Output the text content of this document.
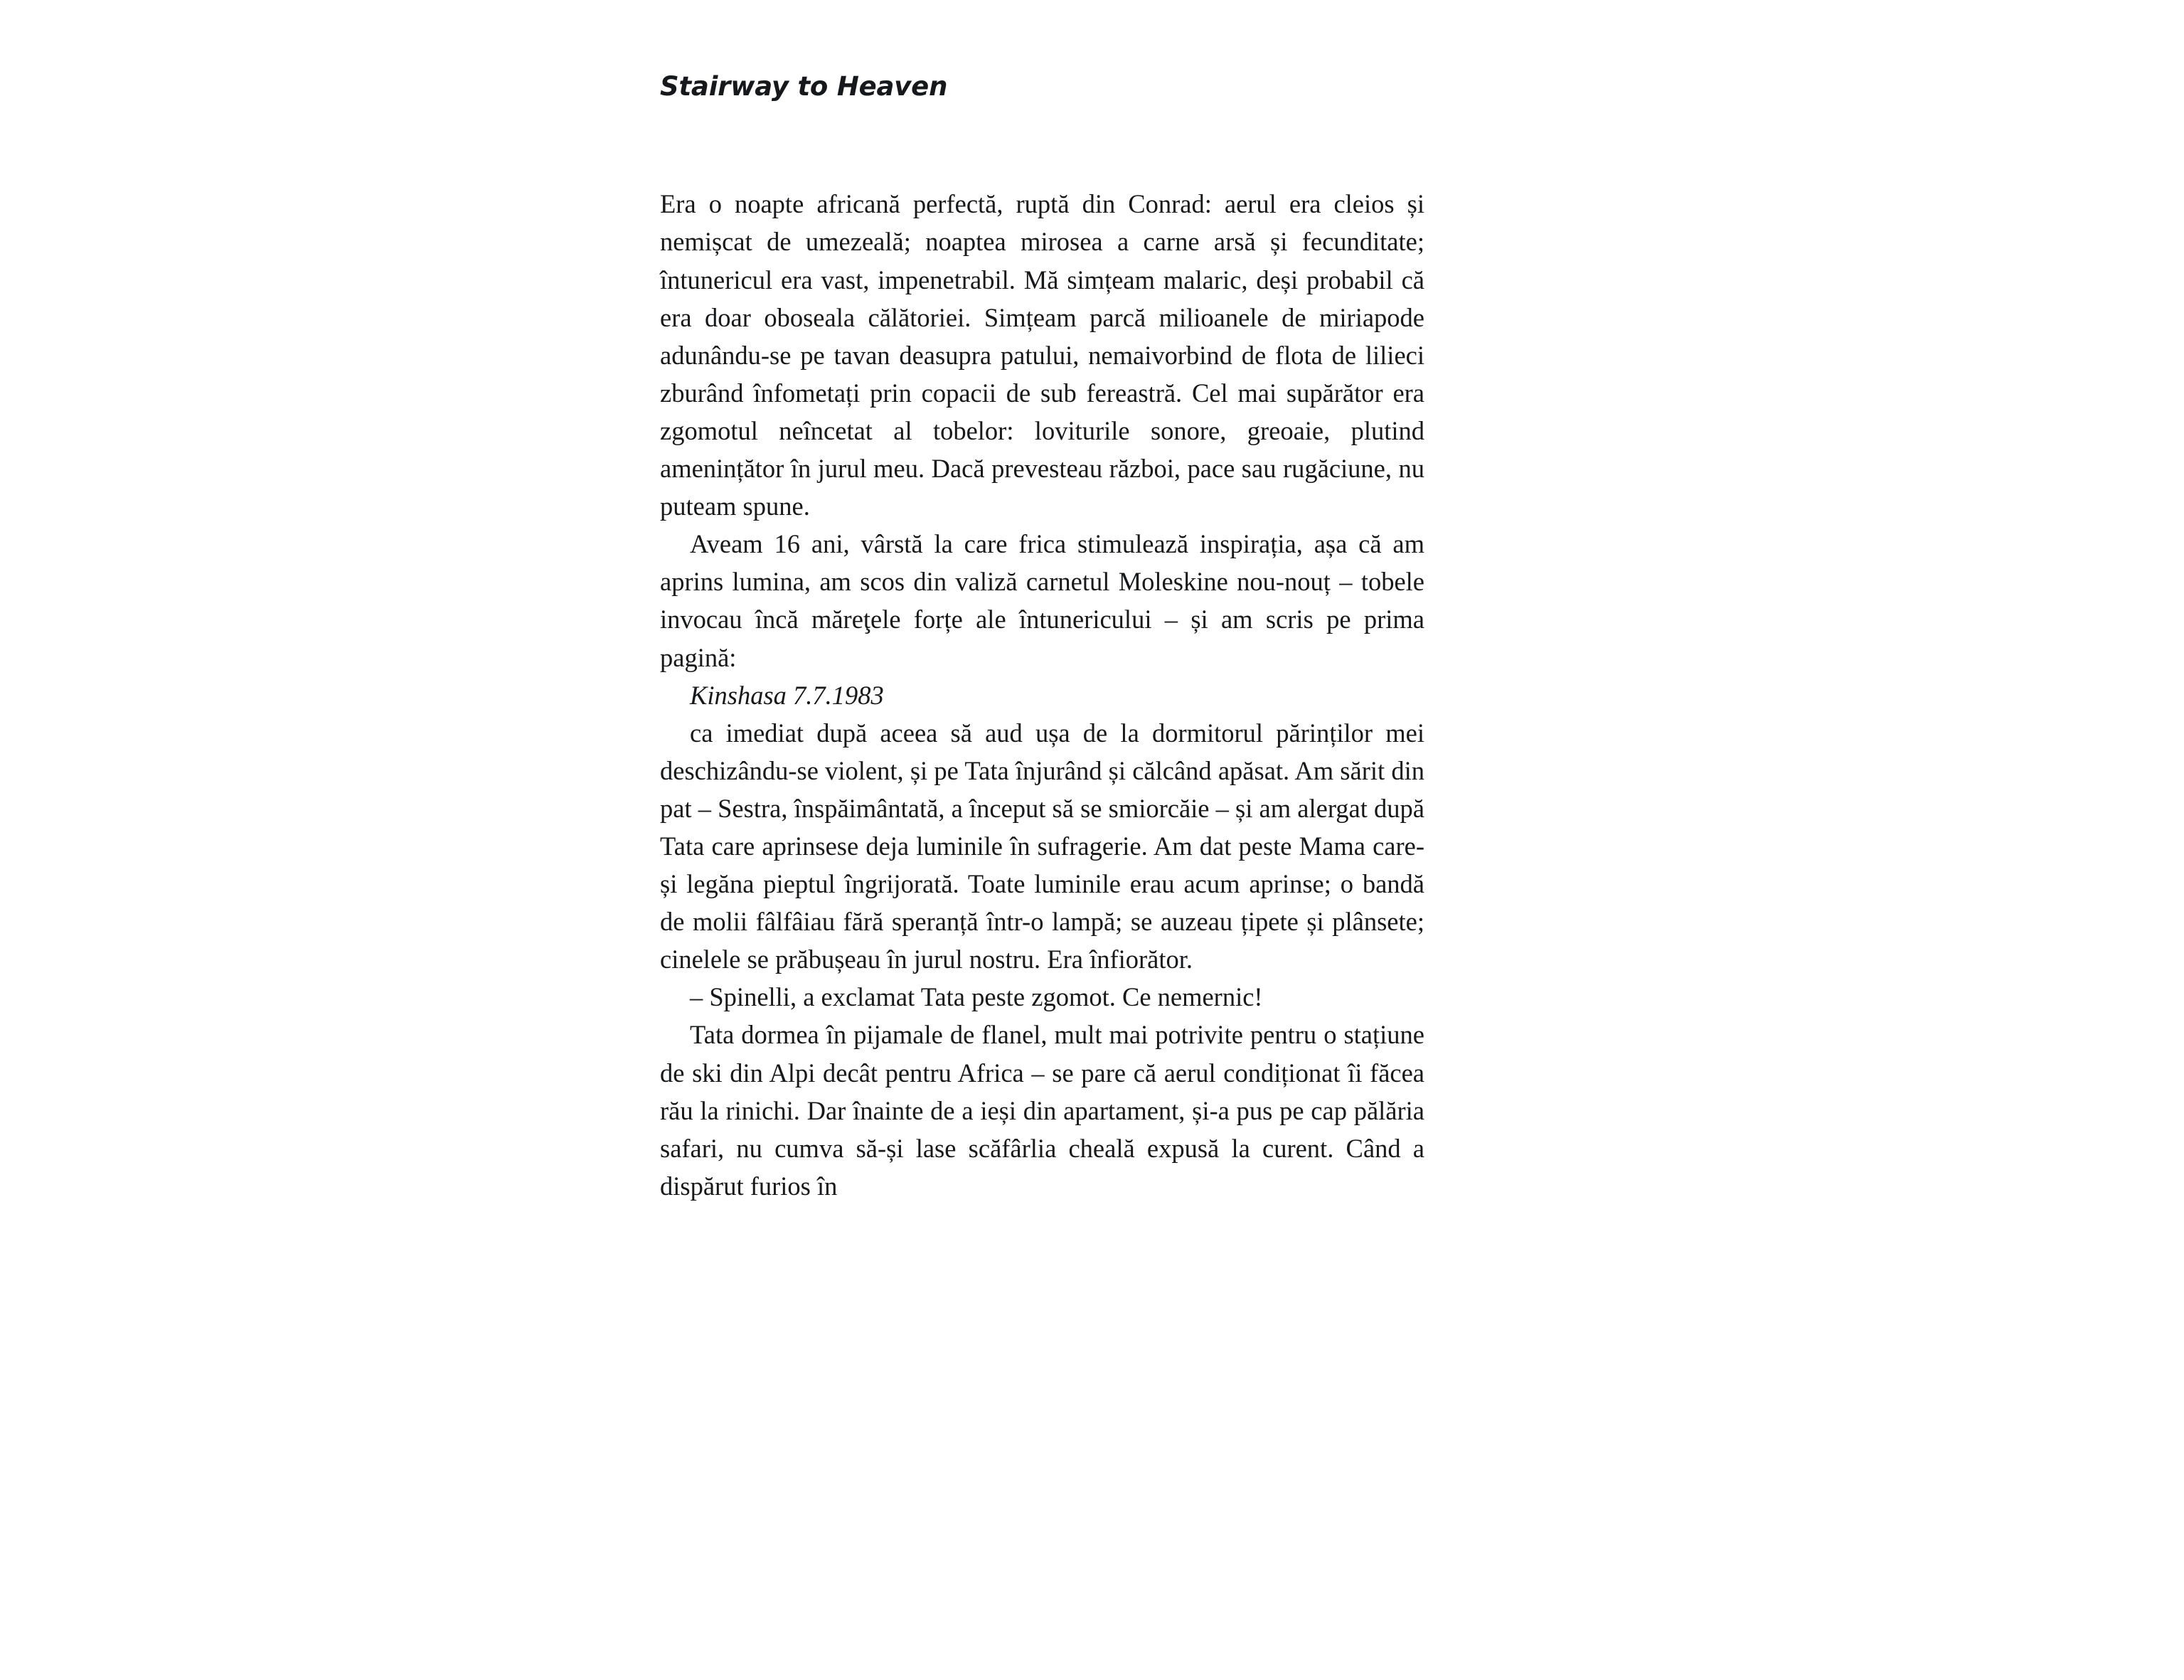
Stairway to Heaven

Era o noapte africană perfectă, ruptă din Conrad: aerul era cleios și nemișcat de umezeală; noaptea mirosea a carne arsă și fecunditate; întunericul era vast, impenetrabil. Mă simțeam malaric, deși probabil că era doar oboseala călătoriei. Simțeam parcă milioanele de miriapode adunându-se pe tavan deasupra patului, nemaivorbind de flota de lilieci zburând înfometați prin copacii de sub fereastră. Cel mai supărător era zgomotul neîncetat al tobelor: loviturile sonore, greoaie, plutind amenințător în jurul meu. Dacă prevesteau război, pace sau rugăciune, nu puteam spune.

Aveam 16 ani, vârstă la care frica stimulează inspirația, așa că am aprins lumina, am scos din valiză carnetul Moleskine nou-nouț – tobele invocau încă măreţele forțe ale întunericului – și am scris pe prima pagină:

Kinshasa 7.7.1983

ca imediat după aceea să aud ușa de la dormitorul părinților mei deschizându-se violent, și pe Tata înjurând și călcând apăsat. Am sărit din pat – Sestra, înspăimântată, a început să se smiorcăie – și am alergat după Tata care aprinsese deja luminile în sufragerie. Am dat peste Mama care-și legăna pieptul îngrijorată. Toate luminile erau acum aprinse; o bandă de molii fâlfâiau fără speranță într-o lampă; se auzeau țipete și plânsete; cinelele se prăbușeau în jurul nostru. Era înfiorător.

– Spinelli, a exclamat Tata peste zgomot. Ce nemernic!

Tata dormea în pijamale de flanel, mult mai potrivite pentru o stațiune de ski din Alpi decât pentru Africa – se pare că aerul condiționat îi făcea rău la rinichi. Dar înainte de a ieși din apartament, și-a pus pe cap pălăria safari, nu cumva să-și lase scăfârlia cheală expusă la curent. Când a dispărut furios în
